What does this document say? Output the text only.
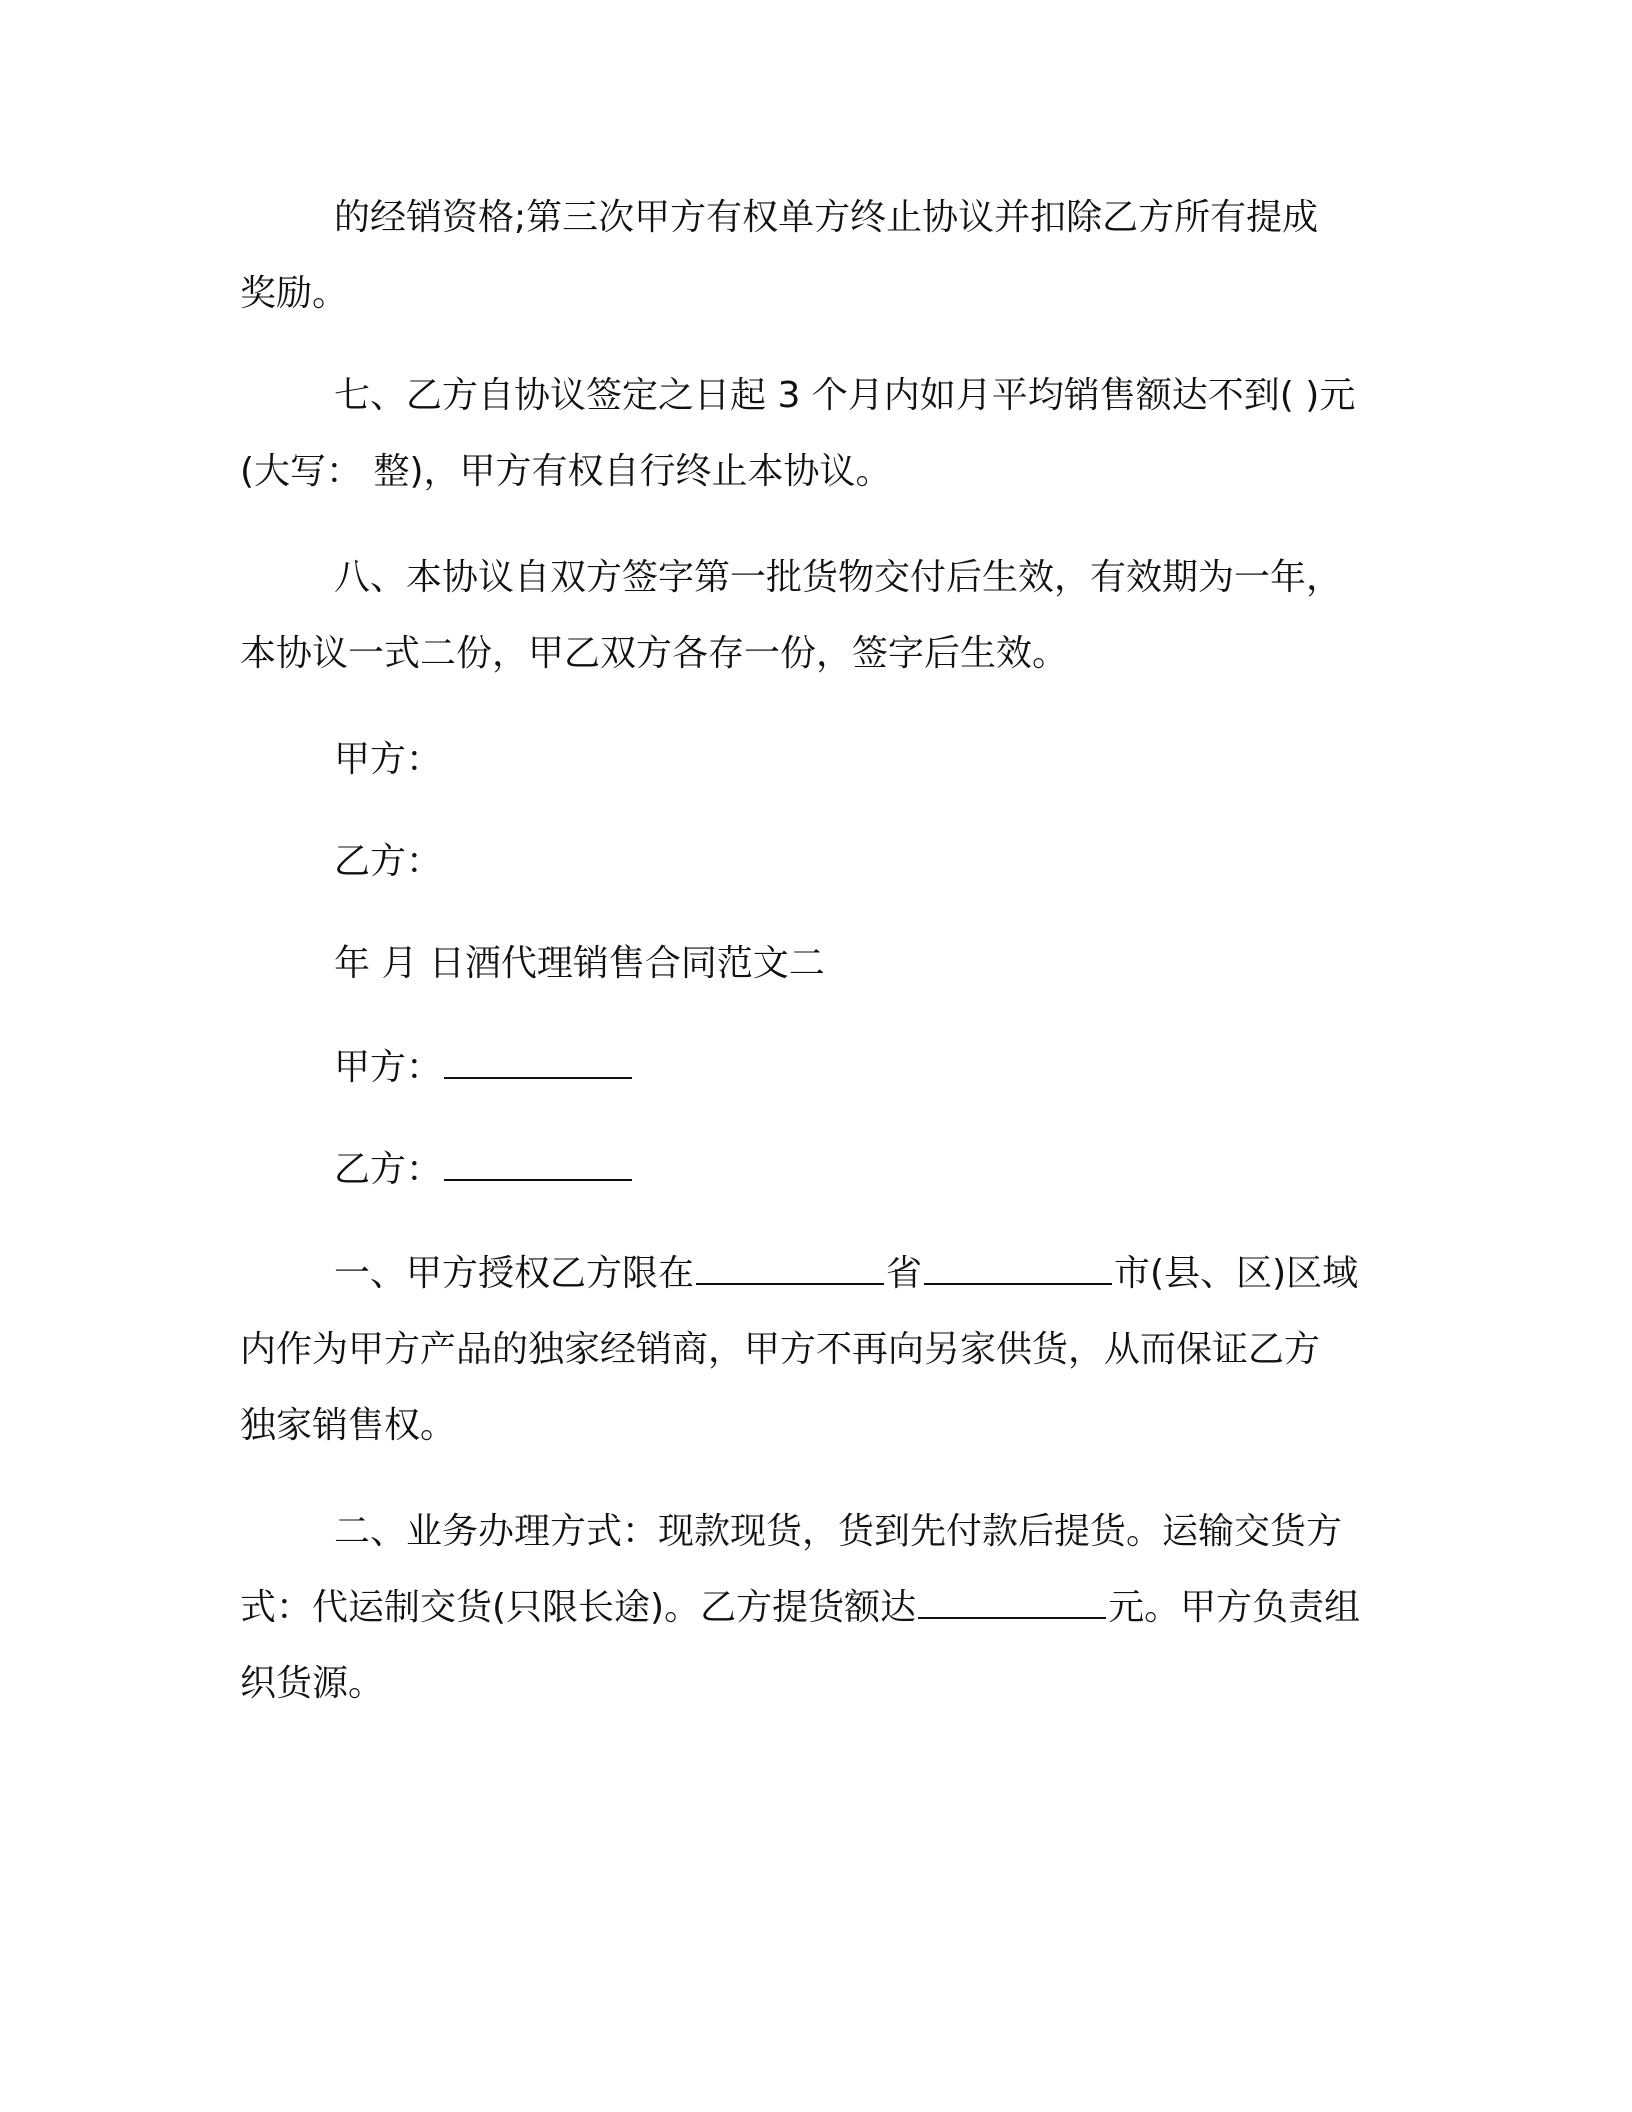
的经销资格;第三次甲方有权单方终止协议并扣除乙方所有提成
奖励。
七、乙方自协议签定之日起 3 个月内如月平均销售额达不到( )元
(大写： 整)，甲方有权自行终止本协议。
八、本协议自双方签字第一批货物交付后生效，有效期为一年，
本协议一式二份，甲乙双方各存一份，签字后生效。
甲方：
乙方：
年 月 日酒代理销售合同范文二
甲方：
乙方：
一、甲方授权乙方限在	省	市(县、区)区域
内作为甲方产品的独家经销商，甲方不再向另家供货，从而保证乙方
独家销售权。
二、业务办理方式：现款现货，货到先付款后提货。运输交货方
式：代运制交货(只限长途)。乙方提货额达	元。甲方负责组
织货源。
